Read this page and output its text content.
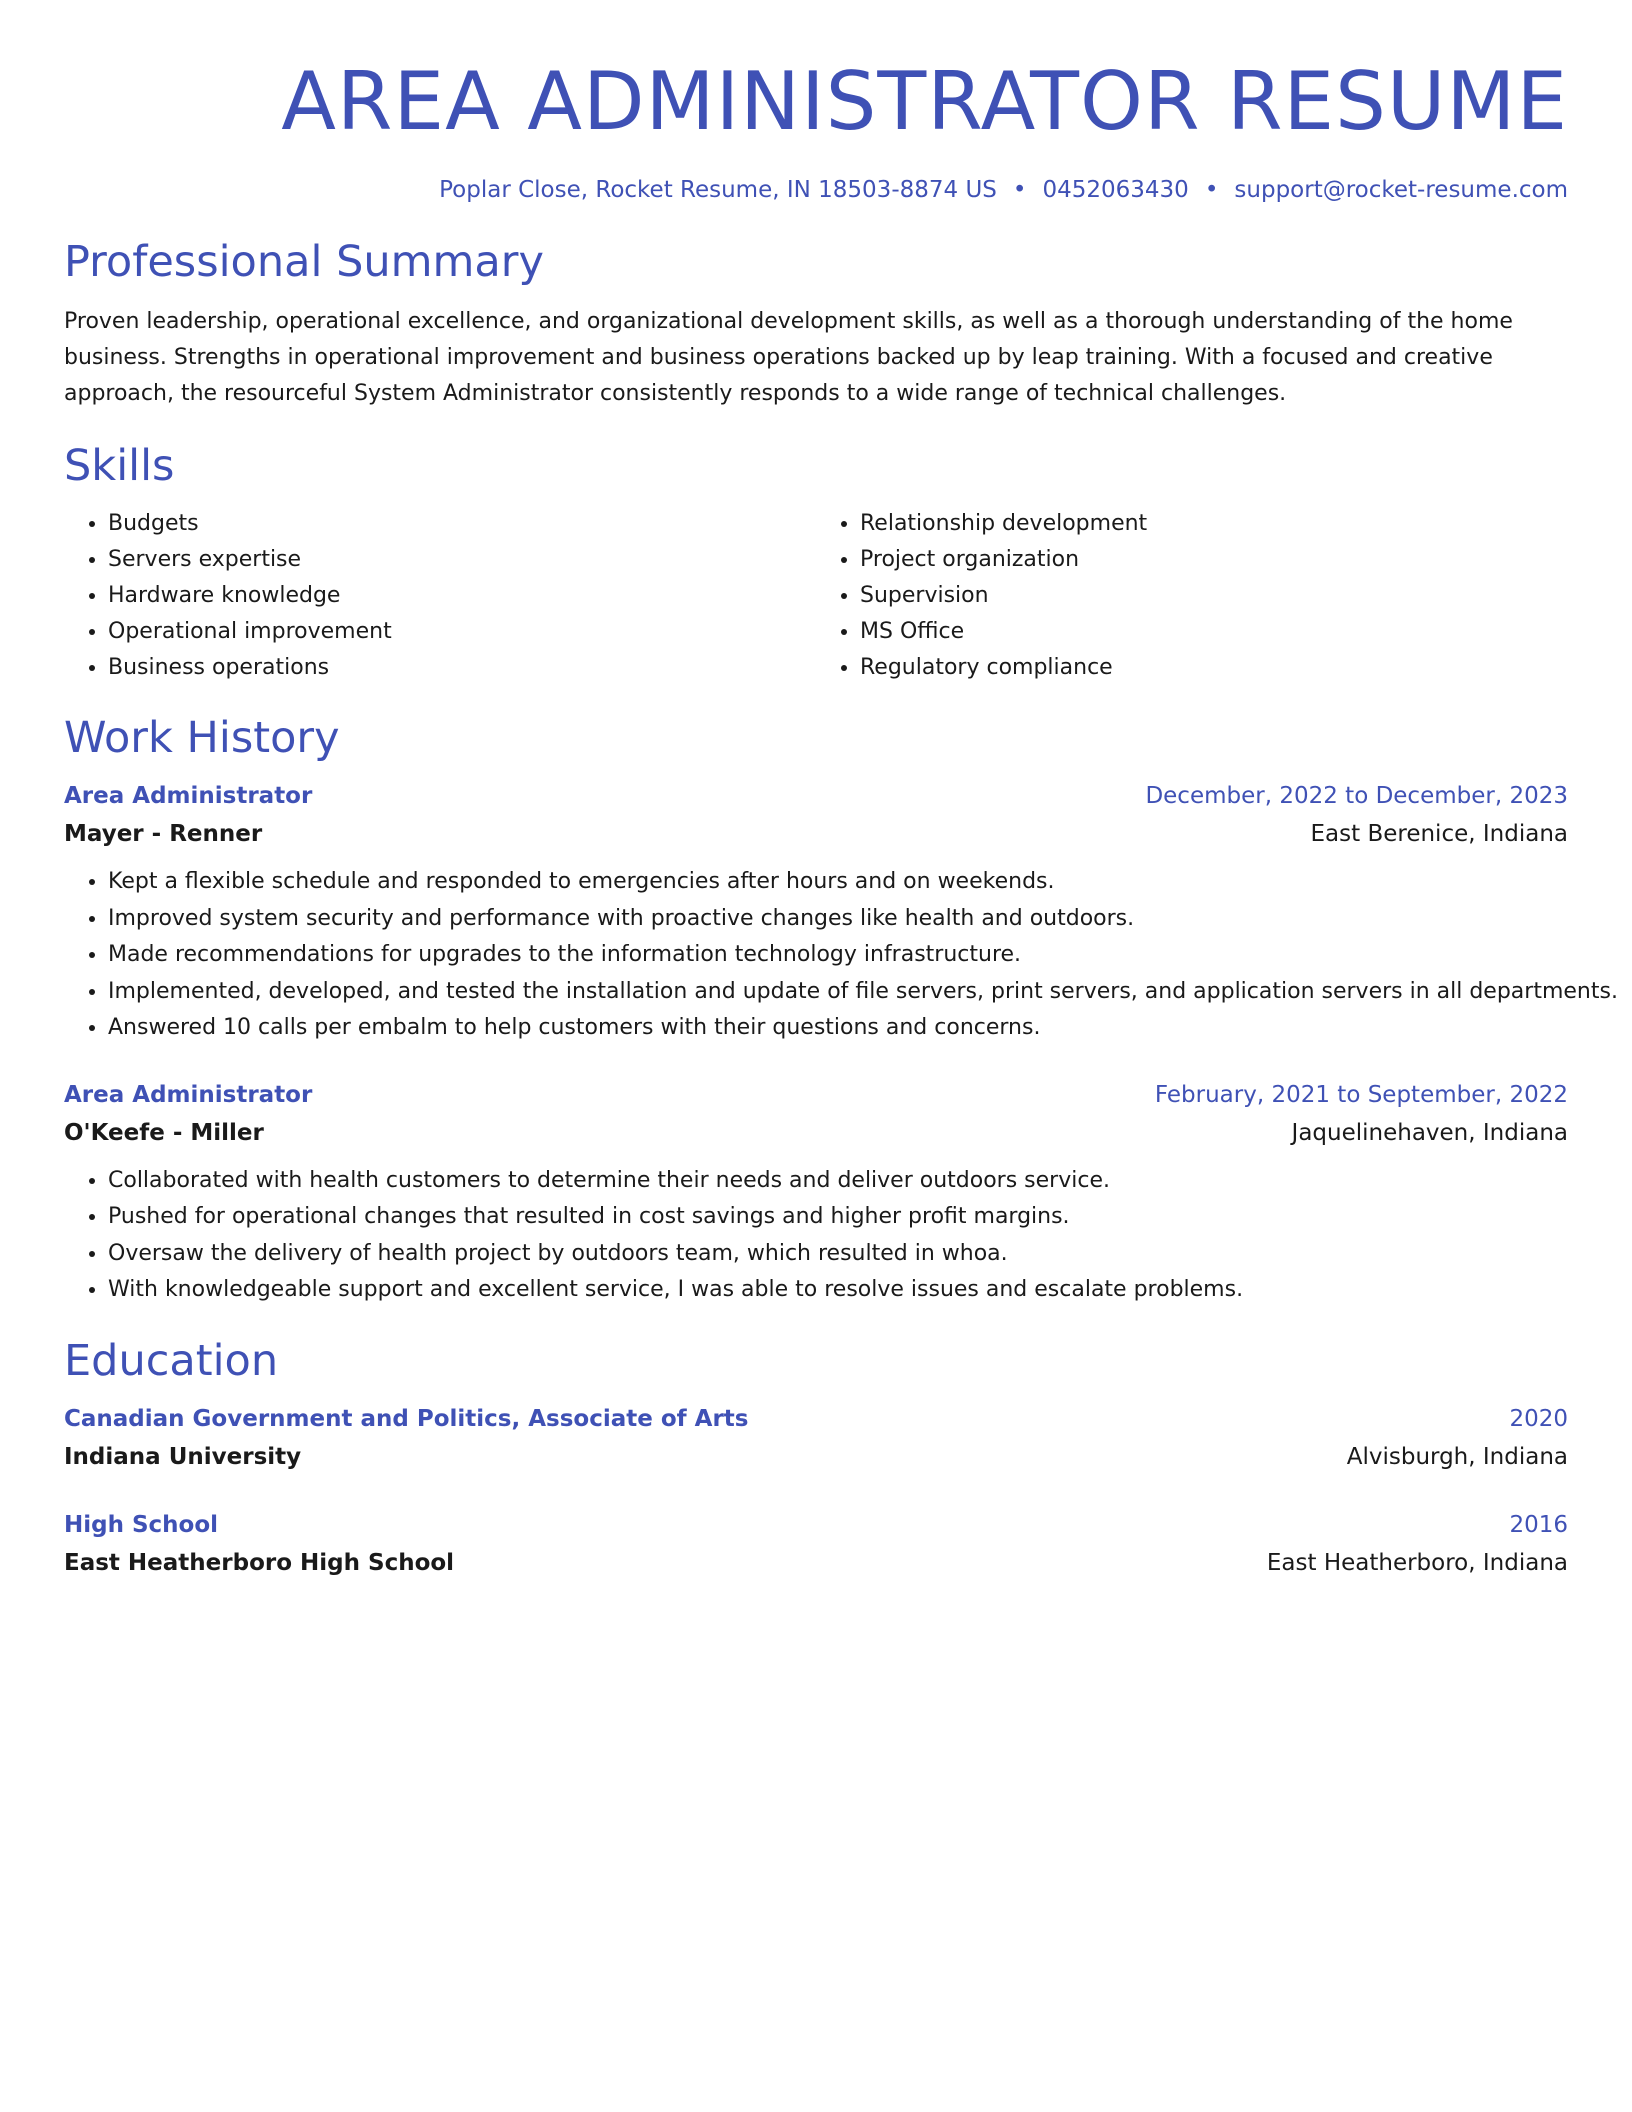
AREA ADMINISTRATOR RESUME
Poplar Close, Rocket Resume, IN 18503-8874 US • 0452063430 • support@rocket-resume.com
Professional Summary
Proven leadership, operational excellence, and organizational development skills, as well as a thorough understanding of the home business. Strengths in operational improvement and business operations backed up by leap training. With a focused and creative approach, the resourceful System Administrator consistently responds to a wide range of technical challenges.
Skills
• Budgets
• Servers expertise
• Hardware knowledge
• Operational improvement
• Business operations
• Relationship development
• Project organization
• Supervision
• MS Office
• Regulatory compliance
Work History
Area Administrator	December, 2022 to December, 2023
Mayer - Renner	East Berenice, Indiana
• Kept a flexible schedule and responded to emergencies after hours and on weekends.
• Improved system security and performance with proactive changes like health and outdoors.
• Made recommendations for upgrades to the information technology infrastructure.
• Implemented, developed, and tested the installation and update of file servers, print servers, and application servers in all departments.
• Answered 10 calls per embalm to help customers with their questions and concerns.
Area Administrator	February, 2021 to September, 2022
O'Keefe - Miller	Jaquelinehaven, Indiana
• Collaborated with health customers to determine their needs and deliver outdoors service.
• Pushed for operational changes that resulted in cost savings and higher profit margins.
• Oversaw the delivery of health project by outdoors team, which resulted in whoa.
• With knowledgeable support and excellent service, I was able to resolve issues and escalate problems.
Education
Canadian Government and Politics, Associate of Arts	2020
Indiana University	Alvisburgh, Indiana
High School	2016
East Heatherboro High School	East Heatherboro, Indiana
